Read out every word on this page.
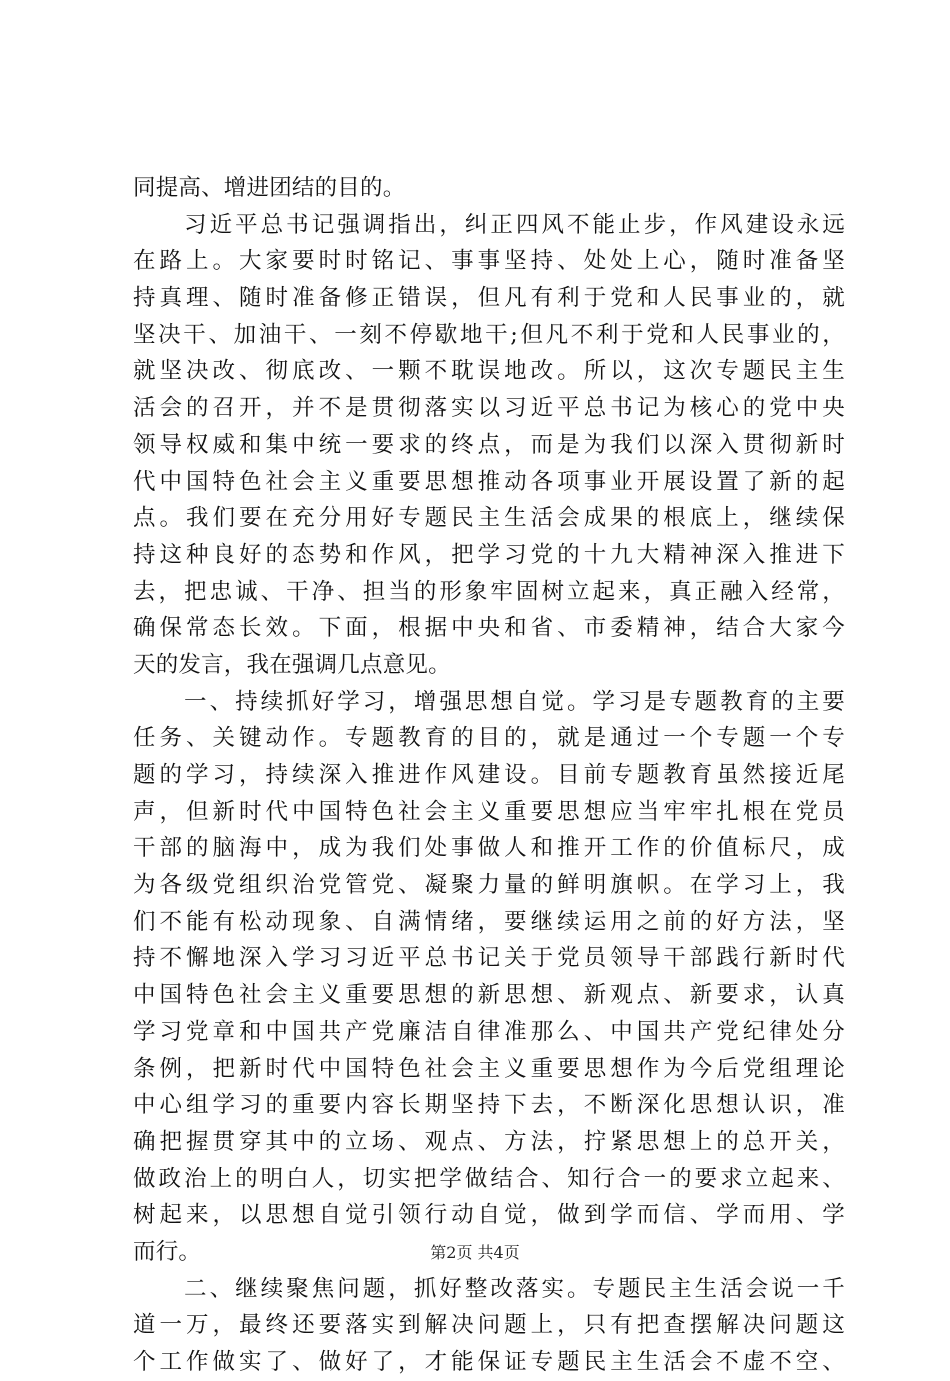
同提高、增进团结的目的。
　　习近平总书记强调指出，纠正四风不能止步，作风建设永远
在路上。大家要时时铭记、事事坚持、处处上心，随时准备坚
持真理、随时准备修正错误，但凡有利于党和人民事业的，就
坚决干、加油干、一刻不停歇地干;但凡不利于党和人民事业的，
就坚决改、彻底改、一颗不耽误地改。所以，这次专题民主生
活会的召开，并不是贯彻落实以习近平总书记为核心的党中央
领导权威和集中统一要求的终点，而是为我们以深入贯彻新时
代中国特色社会主义重要思想推动各项事业开展设置了新的起
点。我们要在充分用好专题民主生活会成果的根底上，继续保
持这种良好的态势和作风，把学习党的十九大精神深入推进下
去，把忠诚、干净、担当的形象牢固树立起来，真正融入经常，
确保常态长效。下面，根据中央和省、市委精神，结合大家今
天的发言，我在强调几点意见。
　　一、持续抓好学习，增强思想自觉。学习是专题教育的主要
任务、关键动作。专题教育的目的，就是通过一个专题一个专
题的学习，持续深入推进作风建设。目前专题教育虽然接近尾
声，但新时代中国特色社会主义重要思想应当牢牢扎根在党员
干部的脑海中，成为我们处事做人和推开工作的价值标尺，成
为各级党组织治党管党、凝聚力量的鲜明旗帜。在学习上，我
们不能有松动现象、自满情绪，要继续运用之前的好方法，坚
持不懈地深入学习习近平总书记关于党员领导干部践行新时代
中国特色社会主义重要思想的新思想、新观点、新要求，认真
学习党章和中国共产党廉洁自律准那么、中国共产党纪律处分
条例，把新时代中国特色社会主义重要思想作为今后党组理论
中心组学习的重要内容长期坚持下去，不断深化思想认识，准
确把握贯穿其中的立场、观点、方法，拧紧思想上的总开关，
做政治上的明白人，切实把学做结合、知行合一的要求立起来、
树起来，以思想自觉引领行动自觉，做到学而信、学而用、学
而行。
　　二、继续聚焦问题，抓好整改落实。专题民主生活会说一千
道一万，最终还要落实到解决问题上，只有把查摆解决问题这
个工作做实了、做好了，才能保证专题民主生活会不虚不空、
第2页 共4页
